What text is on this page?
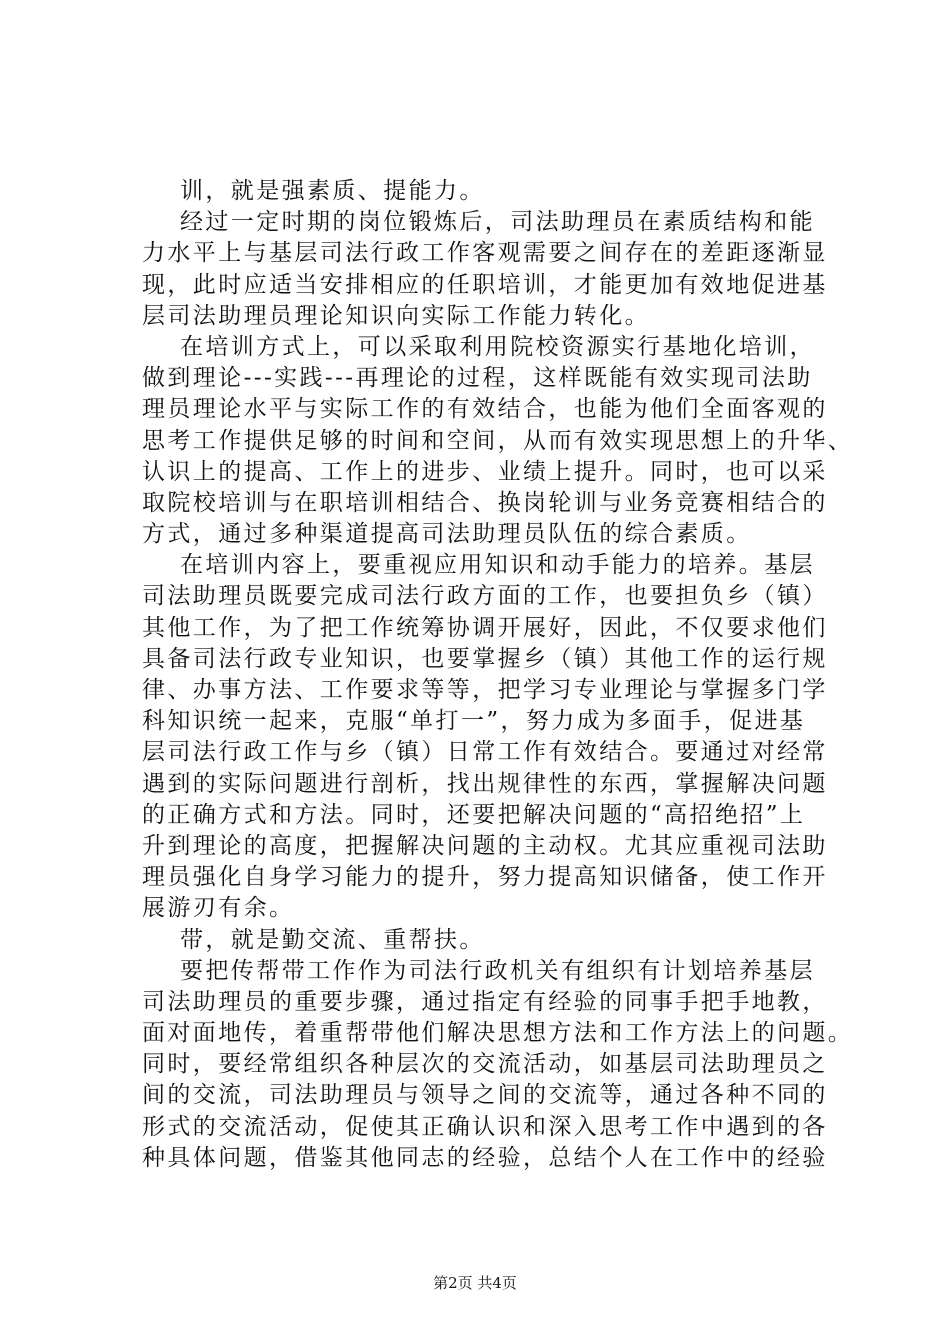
训，就是强素质、提能力。
经过一定时期的岗位锻炼后，司法助理员在素质结构和能
力水平上与基层司法行政工作客观需要之间存在的差距逐渐显
现，此时应适当安排相应的任职培训，才能更加有效地促进基
层司法助理员理论知识向实际工作能力转化。
在培训方式上，可以采取利用院校资源实行基地化培训，
做到理论---实践---再理论的过程，这样既能有效实现司法助
理员理论水平与实际工作的有效结合，也能为他们全面客观的
思考工作提供足够的时间和空间，从而有效实现思想上的升华、
认识上的提高、工作上的进步、业绩上提升。同时，也可以采
取院校培训与在职培训相结合、换岗轮训与业务竞赛相结合的
方式，通过多种渠道提高司法助理员队伍的综合素质。
在培训内容上，要重视应用知识和动手能力的培养。基层
司法助理员既要完成司法行政方面的工作，也要担负乡（镇）
其他工作，为了把工作统筹协调开展好，因此，不仅要求他们
具备司法行政专业知识，也要掌握乡（镇）其他工作的运行规
律、办事方法、工作要求等等，把学习专业理论与掌握多门学
科知识统一起来，克服“单打一”，努力成为多面手，促进基
层司法行政工作与乡（镇）日常工作有效结合。要通过对经常
遇到的实际问题进行剖析，找出规律性的东西，掌握解决问题
的正确方式和方法。同时，还要把解决问题的“高招绝招”上
升到理论的高度，把握解决问题的主动权。尤其应重视司法助
理员强化自身学习能力的提升，努力提高知识储备，使工作开
展游刃有余。
带，就是勤交流、重帮扶。
要把传帮带工作作为司法行政机关有组织有计划培养基层
司法助理员的重要步骤，通过指定有经验的同事手把手地教，
面对面地传，着重帮带他们解决思想方法和工作方法上的问题。
同时，要经常组织各种层次的交流活动，如基层司法助理员之
间的交流，司法助理员与领导之间的交流等，通过各种不同的
形式的交流活动，促使其正确认识和深入思考工作中遇到的各
种具体问题，借鉴其他同志的经验，总结个人在工作中的经验
第2页 共4页
